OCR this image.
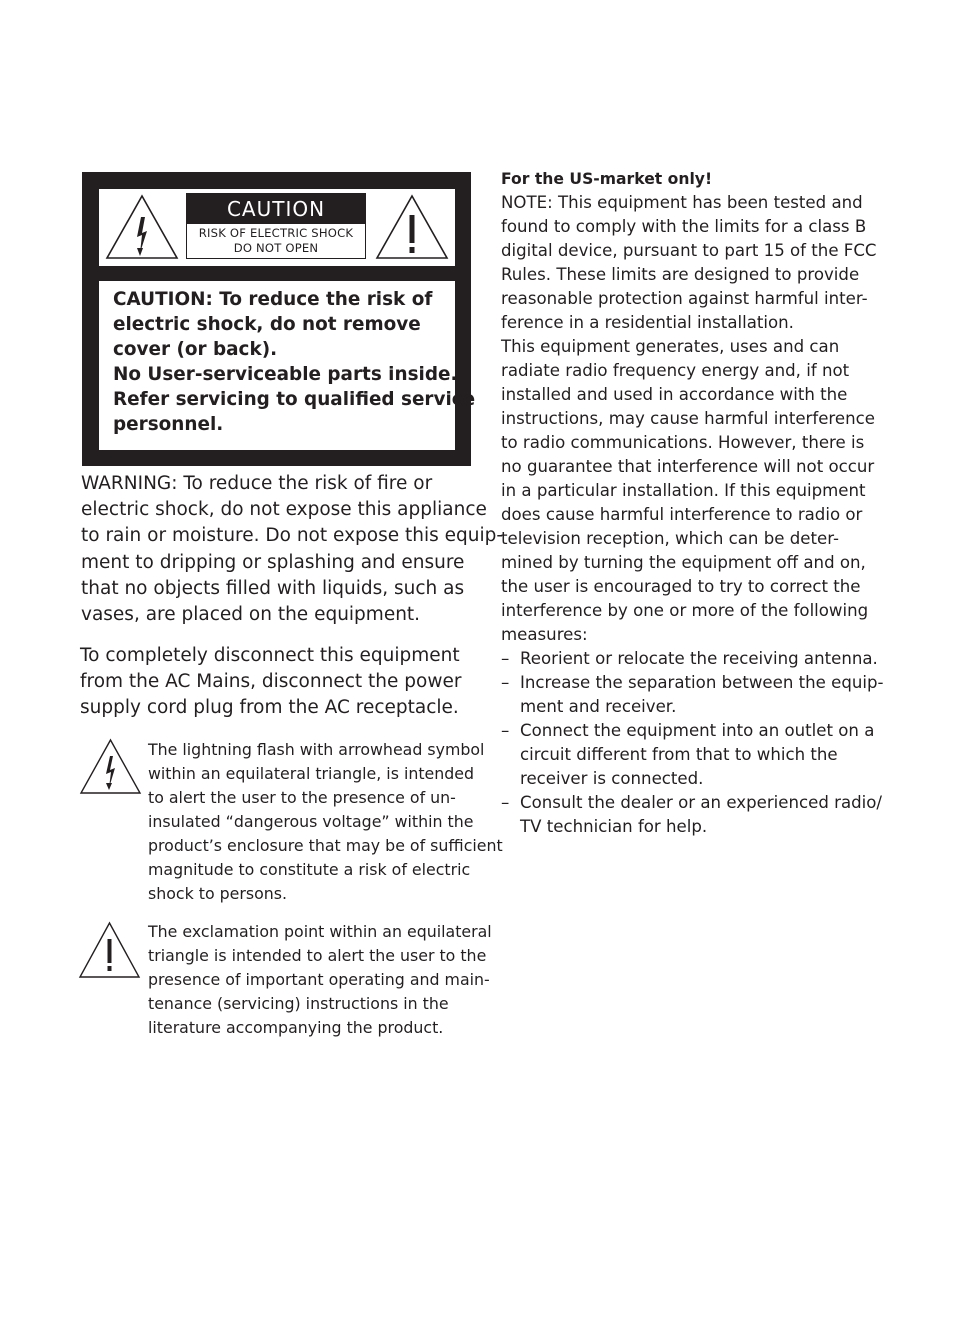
CAUTION
RISK OF ELECTRIC SHOCK
DO NOT OPEN
CAUTION: To reduce the risk of
electric shock, do not remove
cover (or back).
No User-serviceable parts inside.
Refer servicing to qualified service
personnel.
WARNING: To reduce the risk of fire or
electric shock, do not expose this appliance
to rain or moisture. Do not expose this equip-
ment to dripping or splashing and ensure
that no objects filled with liquids, such as
vases, are placed on the equipment.
To completely disconnect this equipment
from the AC Mains, disconnect the power
supply cord plug from the AC receptacle.
The lightning flash with arrowhead symbol
within an equilateral triangle, is intended
to alert the user to the presence of un-
insulated “dangerous voltage” within the
product’s enclosure that may be of sufficient
magnitude to constitute a risk of electric
shock to persons.
The exclamation point within an equilateral
triangle is intended to alert the user to the
presence of important operating and main-
tenance (servicing) instructions in the
literature accompanying the product.

For the US-market only!

NOTE: This equipment has been tested and
found to comply with the limits for a class B
digital device, pursuant to part 15 of the FCC
Rules. These limits are designed to provide
reasonable protection against harmful inter-
ference in a residential installation.
This equipment generates, uses and can
radiate radio frequency energy and, if not
installed and used in accordance with the
instructions, may cause harmful interference
to radio communications. However, there is
no guarantee that interference will not occur
in a particular installation. If this equipment
does cause harmful interference to radio or
television reception, which can be deter-
mined by turning the equipment off and on,
the user is encouraged to try to correct the
interference by one or more of the following
measures:
– Reorient or relocate the receiving antenna.
– Increase the separation between the equip-
ment and receiver.
– Connect the equipment into an outlet on a
circuit different from that to which the
receiver is connected.
– Consult the dealer or an experienced radio/
TV technician for help.
